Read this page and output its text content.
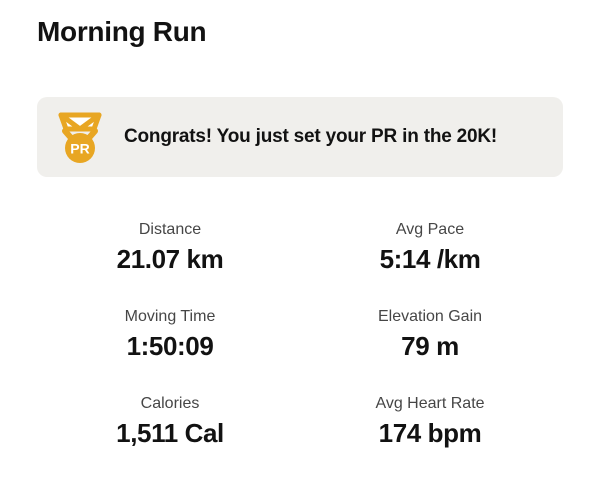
Morning Run
PR
Congrats! You just set your PR in the 20K!
Distance
21.07 km
Avg Pace
5:14 /km
Moving Time
1:50:09
Elevation Gain
79 m
Calories
1,511 Cal
Avg Heart Rate
174 bpm
